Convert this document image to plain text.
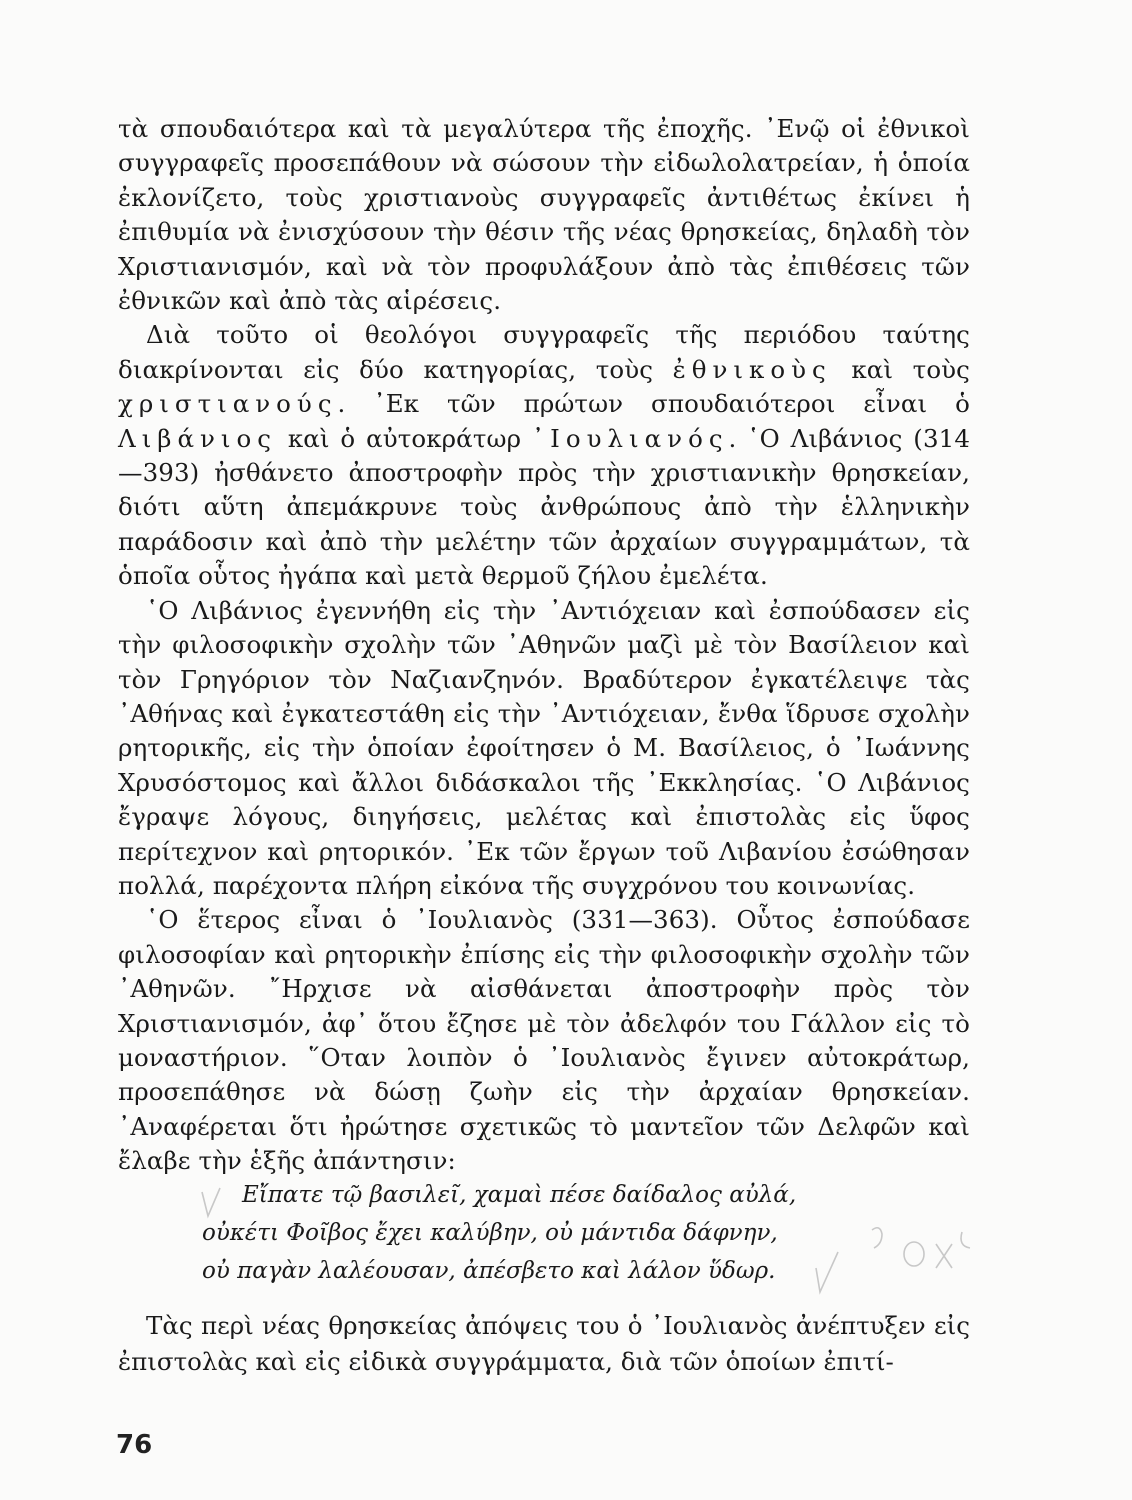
τὰ σπουδαιότερα καὶ τὰ μεγαλύτερα τῆς ἐποχῆς. ᾿Ενῷ οἱ ἐθνικοὶ συγγραφεῖς προσεπάθουν νὰ σώσουν τὴν εἰδωλολατρείαν, ἡ ὁποία ἐκλονίζετο, τοὺς χριστιανοὺς συγγραφεῖς ἀντιθέτως ἐκίνει ἡ ἐπιθυμία νὰ ἐνισχύσουν τὴν θέσιν τῆς νέας θρησκείας, δηλαδὴ τὸν Χριστιανισμόν, καὶ νὰ τὸν προφυλάξουν ἀπὸ τὰς ἐπιθέσεις τῶν ἐθνικῶν καὶ ἀπὸ τὰς αἱρέσεις.

Διὰ τοῦτο οἱ θεολόγοι συγγραφεῖς τῆς περιόδου ταύτης διακρίνονται εἰς δύο κατηγορίας, τοὺς ἐθνικοὺς καὶ τοὺς χριστιανούς. ᾿Εκ τῶν πρώτων σπουδαιότεροι εἶναι ὁ Λιβάνιος καὶ ὁ αὐτοκράτωρ ᾿Ιουλιανός. ῾Ο Λιβάνιος (314—393) ἠσθάνετο ἀποστροφὴν πρὸς τὴν χριστιανικὴν θρησκείαν, διότι αὕτη ἀπεμάκρυνε τοὺς ἀνθρώπους ἀπὸ τὴν ἑλληνικὴν παράδοσιν καὶ ἀπὸ τὴν μελέτην τῶν ἀρχαίων συγγραμμάτων, τὰ ὁποῖα οὗτος ἠγάπα καὶ μετὰ θερμοῦ ζήλου ἐμελέτα.

῾Ο Λιβάνιος ἐγεννήθη εἰς τὴν ᾿Αντιόχειαν καὶ ἐσπούδασεν εἰς τὴν φιλοσοφικὴν σχολὴν τῶν ᾿Αθηνῶν μαζὶ μὲ τὸν Βασίλειον καὶ τὸν Γρηγόριον τὸν Ναζιανζηνόν. Βραδύτερον ἐγκατέλειψε τὰς ᾿Αθήνας καὶ ἐγκατεστάθη εἰς τὴν ᾿Αντιόχειαν, ἔνθα ἵδρυσε σχολὴν ρητορικῆς, εἰς τὴν ὁποίαν ἐφοίτησεν ὁ Μ. Βασίλειος, ὁ ᾿Ιωάννης Χρυσόστομος καὶ ἄλλοι διδάσκαλοι τῆς ᾿Εκκλησίας. ῾Ο Λιβάνιος ἔγραψε λόγους, διηγήσεις, μελέτας καὶ ἐπιστολὰς εἰς ὕφος περίτεχνον καὶ ρητορικόν. ᾿Εκ τῶν ἔργων τοῦ Λιβανίου ἐσώθησαν πολλά, παρέχοντα πλήρη εἰκόνα τῆς συγχρόνου του κοινωνίας.

῾Ο ἕτερος εἶναι ὁ ᾿Ιουλιανὸς (331—363). Οὗτος ἐσπούδασε φιλοσοφίαν καὶ ρητορικὴν ἐπίσης εἰς τὴν φιλοσοφικὴν σχολὴν τῶν ᾿Αθηνῶν. ῎Ηρχισε νὰ αἰσθάνεται ἀποστροφὴν πρὸς τὸν Χριστιανισμόν, ἀφ᾿ ὅτου ἔζησε μὲ τὸν ἀδελφόν του Γάλλον εἰς τὸ μοναστήριον. ῞Οταν λοιπὸν ὁ ᾿Ιουλιανὸς ἔγινεν αὐτοκράτωρ, προσεπάθησε νὰ δώσῃ ζωὴν εἰς τὴν ἀρχαίαν θρησκείαν. ᾿Αναφέρεται ὅτι ἠρώτησε σχετικῶς τὸ μαντεῖον τῶν Δελφῶν καὶ ἔλαβε τὴν ἑξῆς ἀπάντησιν:

Εἴπατε τῷ βασιλεῖ, χαμαὶ πέσε δαίδαλος αὐλά,
οὐκέτι Φοῖβος ἔχει καλύβην, οὐ μάντιδα δάφνην,
οὐ παγὰν λαλέουσαν, ἀπέσβετο καὶ λάλον ὕδωρ.

Τὰς περὶ νέας θρησκείας ἀπόψεις του ὁ ᾿Ιουλιανὸς ἀνέπτυξεν εἰς ἐπιστολὰς καὶ εἰς εἰδικὰ συγγράμματα, διὰ τῶν ὁποίων ἐπιτί-

76
